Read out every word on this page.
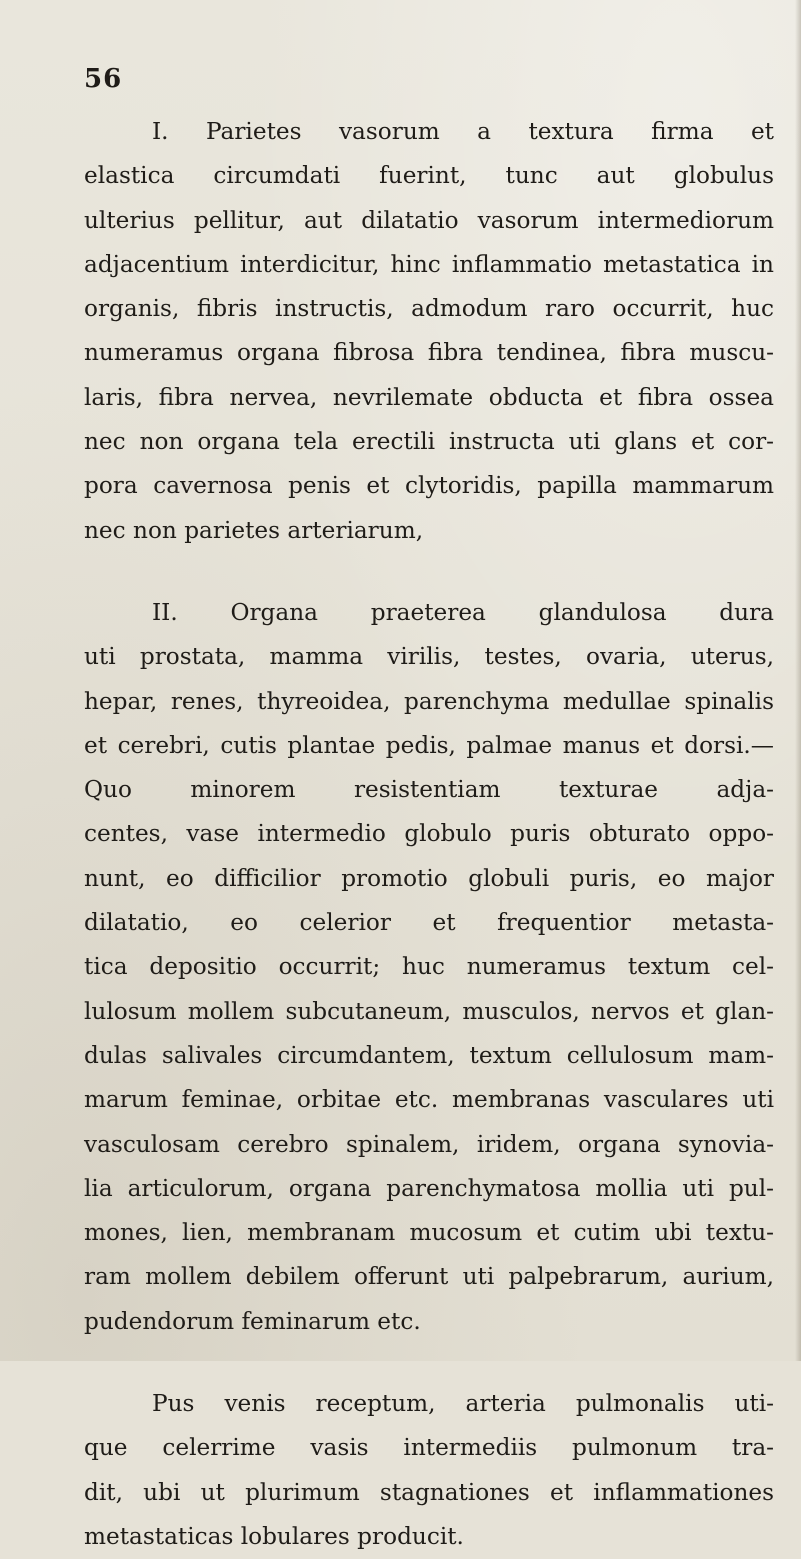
56
I. Parietes vasorum a textura firma et
elastica circumdati fuerint, tunc aut globulus
ulterius pellitur, aut dilatatio vasorum intermediorum
adjacentium interdicitur, hinc inflammatio metastatica in
organis, fibris instructis, admodum raro occurrit, huc
numeramus organa fibrosa fibra tendinea, fibra muscu-
laris, fibra nervea, nevrilemate obducta et fibra ossea
nec non organa tela erectili instructa uti glans et cor-
pora cavernosa penis et clytoridis, papilla mammarum
nec non parietes arteriarum,
II. Organa praeterea glandulosa dura
uti prostata, mamma virilis, testes, ovaria, uterus,
hepar, renes, thyreoidea, parenchyma medullae spinalis
et cerebri, cutis plantae pedis, palmae manus et dorsi.—
Quo minorem resistentiam texturae adja-
centes, vase intermedio globulo puris obturato oppo-
nunt, eo difficilior promotio globuli puris, eo major
dilatatio, eo celerior et frequentior metasta-
tica depositio occurrit; huc numeramus textum cel-
lulosum mollem subcutaneum, musculos, nervos et glan-
dulas salivales circumdantem, textum cellulosum mam-
marum feminae, orbitae etc. membranas vasculares uti
vasculosam cerebro spinalem, iridem, organa synovia-
lia articulorum, organa parenchymatosa mollia uti pul-
mones, lien, membranam mucosum et cutim ubi textu-
ram mollem debilem offerunt uti palpebrarum, aurium,
pudendorum feminarum etc.
Pus venis receptum, arteria pulmonalis uti-
que celerrime vasis intermediis pulmonum tra-
dit, ubi ut plurimum stagnationes et inflammationes
metastaticas lobulares producit.
